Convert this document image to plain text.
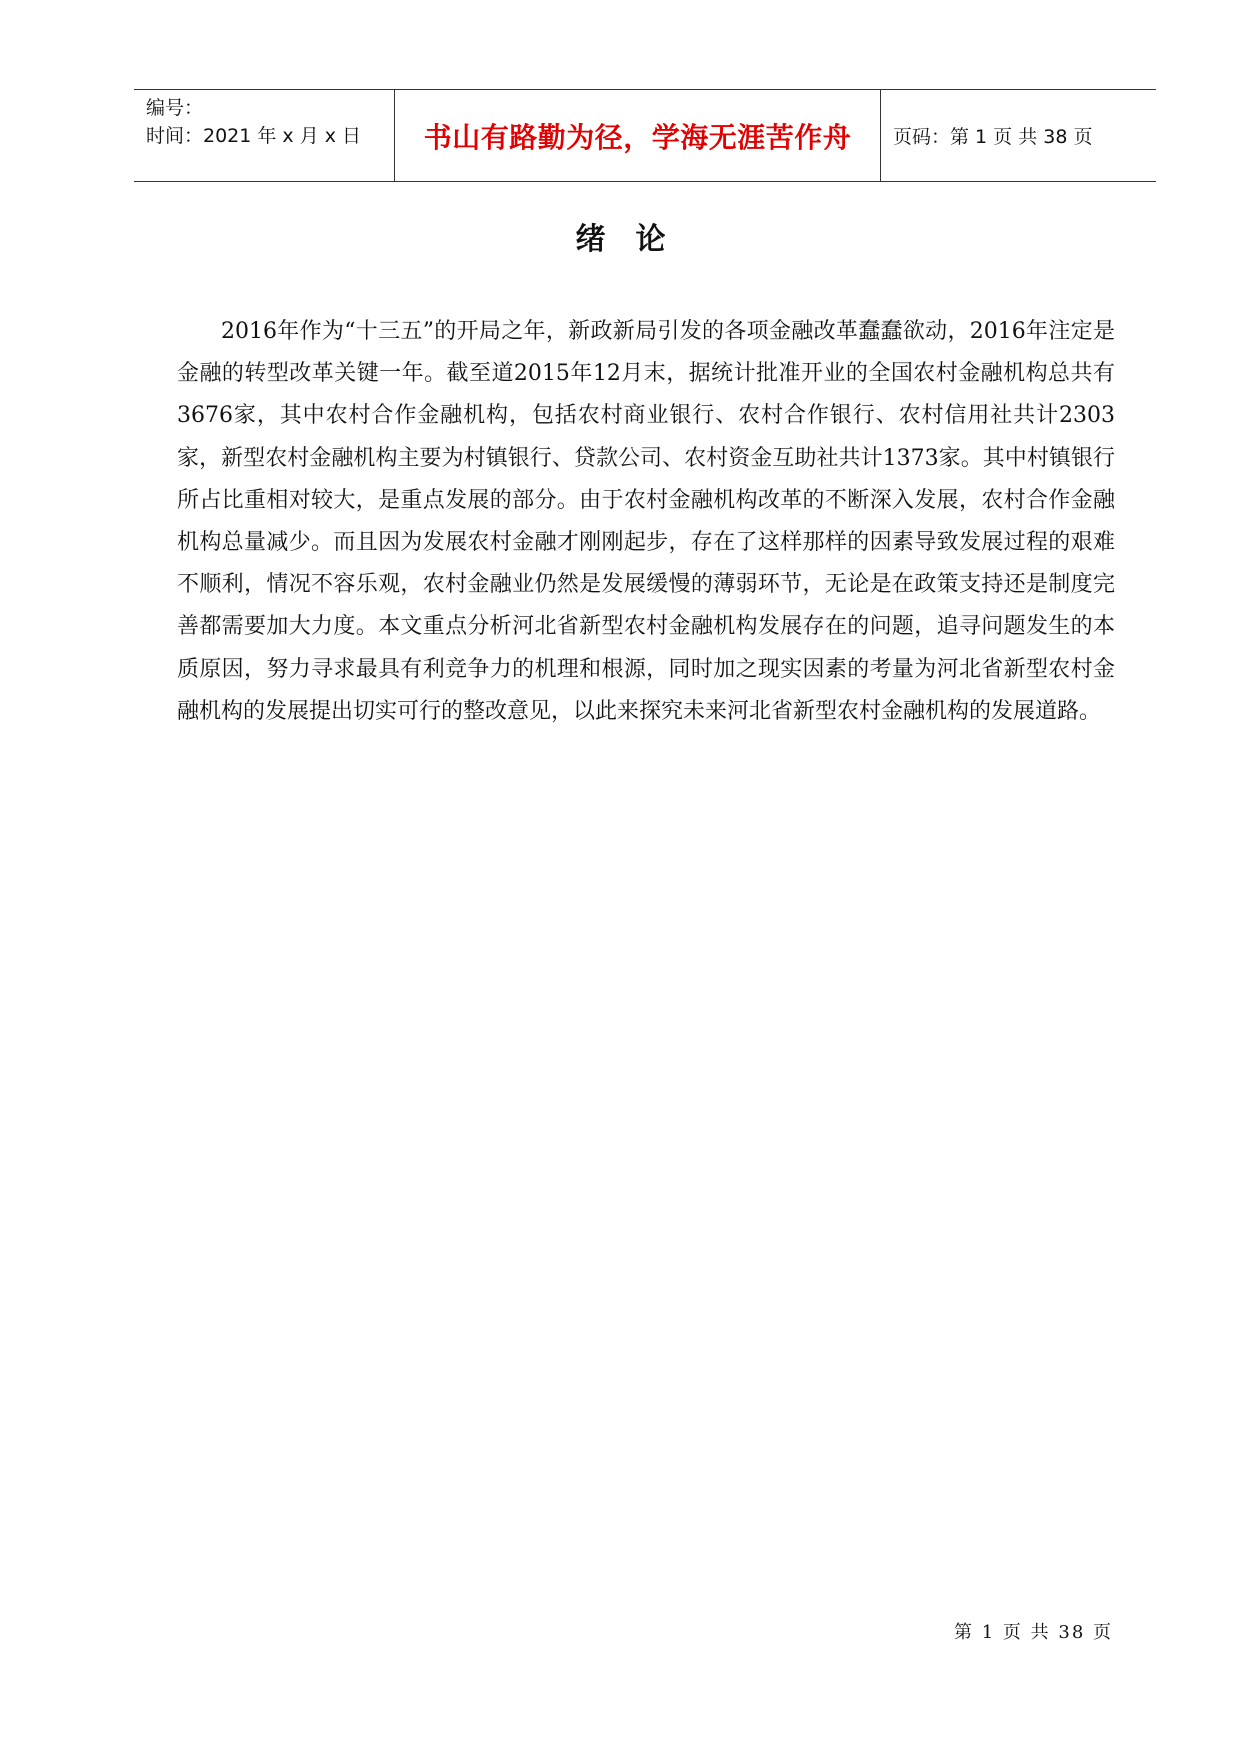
编号：
时间：2021 年 x 月 x 日	书山有路勤为径，学海无涯苦作舟 页码：第 1 页 共 38 页
绪论

2016年作为“十三五”的开局之年，新政新局引发的各项金融改革蠢蠢欲动，2016年注定是金融的转型改革关键一年。截至道2015年12月末，据统计批准开业的全国农村金融机构总共有3676家，其中农村合作金融机构，包括农村商业银行、农村合作银行、农村信用社共计2303家，新型农村金融机构主要为村镇银行、贷款公司、农村资金互助社共计1373家。其中村镇银行所占比重相对较大，是重点发展的部分。由于农村金融机构改革的不断深入发展，农村合作金融机构总量减少。而且因为发展农村金融才刚刚起步，存在了这样那样的因素导致发展过程的艰难不顺利，情况不容乐观，农村金融业仍然是发展缓慢的薄弱环节，无论是在政策支持还是制度完善都需要加大力度。本文重点分析河北省新型农村金融机构发展存在的问题，追寻问题发生的本质原因，努力寻求最具有利竞争力的机理和根源，同时加之现实因素的考量为河北省新型农村金融机构的发展提出切实可行的整改意见，以此来探究未来河北省新型农村金融机构的发展道路。

第 1 页 共 38 页
